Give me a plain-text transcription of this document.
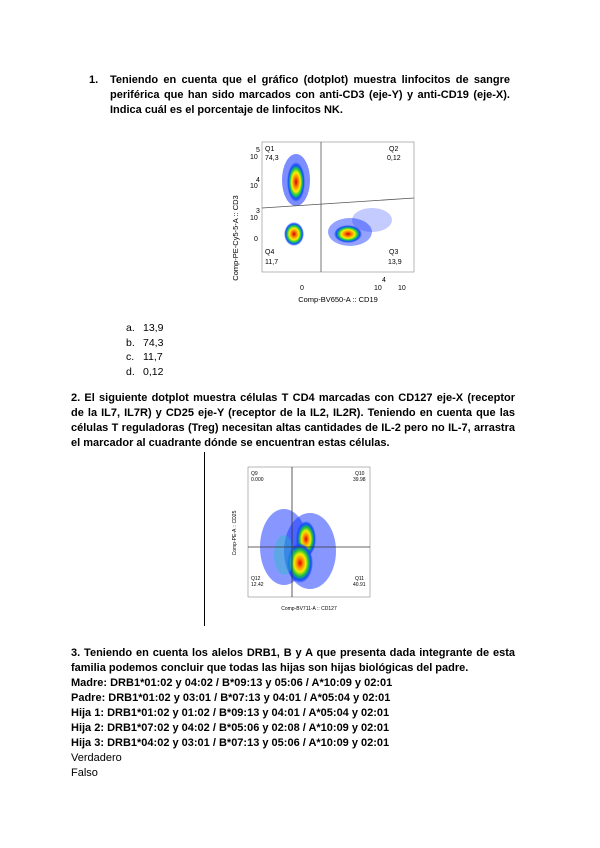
1.	Teniendo en cuenta que el gráfico (dotplot) muestra linfocitos de sangre periférica que han sido marcados con anti-CD3 (eje-Y) y anti-CD19 (eje-X). Indica cuál es el porcentaje de linfocitos NK.

Comp-PE-Cy5-5-A :: CD3
5
10
4
10
3
10
0
0
4
10 10
Comp-BV650-A :: CD19
Q1
74,3
Q2
0,12
Q3
13,9
Q4
11,7
a. 13,9
b. 74,3
c. 11,7
d. 0,12
2. El siguiente dotplot muestra células T CD4 marcadas con CD127 eje-X (receptor de la IL7, IL7R) y CD25 eje-Y (receptor de la IL2, IL2R). Teniendo en cuenta que las células T reguladoras (Treg) necesitan altas cantidades de IL-2 pero no IL-7, arrastra el marcador al cuadrante dónde se encuentran estas células.
Comp-PE-A :: CD25
Comp-BV711-A :: CD127
Q9
0.000
Q10
39.98
Q11
40.91
Q12
12.42
3. Teniendo en cuenta los alelos DRB1, B y A que presenta dada integrante de esta familia podemos concluir que todas las hijas son hijas biológicas del padre.
Madre: DRB1*01:02 y 04:02 / B*09:13 y 05:06 / A*10:09 y 02:01
Padre: DRB1*01:02 y 03:01 / B*07:13 y 04:01 / A*05:04 y 02:01
Hija 1: DRB1*01:02 y 01:02 / B*09:13 y 04:01 / A*05:04 y 02:01
Hija 2: DRB1*07:02 y 04:02 / B*05:06 y 02:08 / A*10:09 y 02:01
Hija 3: DRB1*04:02 y 03:01 / B*07:13 y 05:06 / A*10:09 y 02:01
Verdadero
Falso
